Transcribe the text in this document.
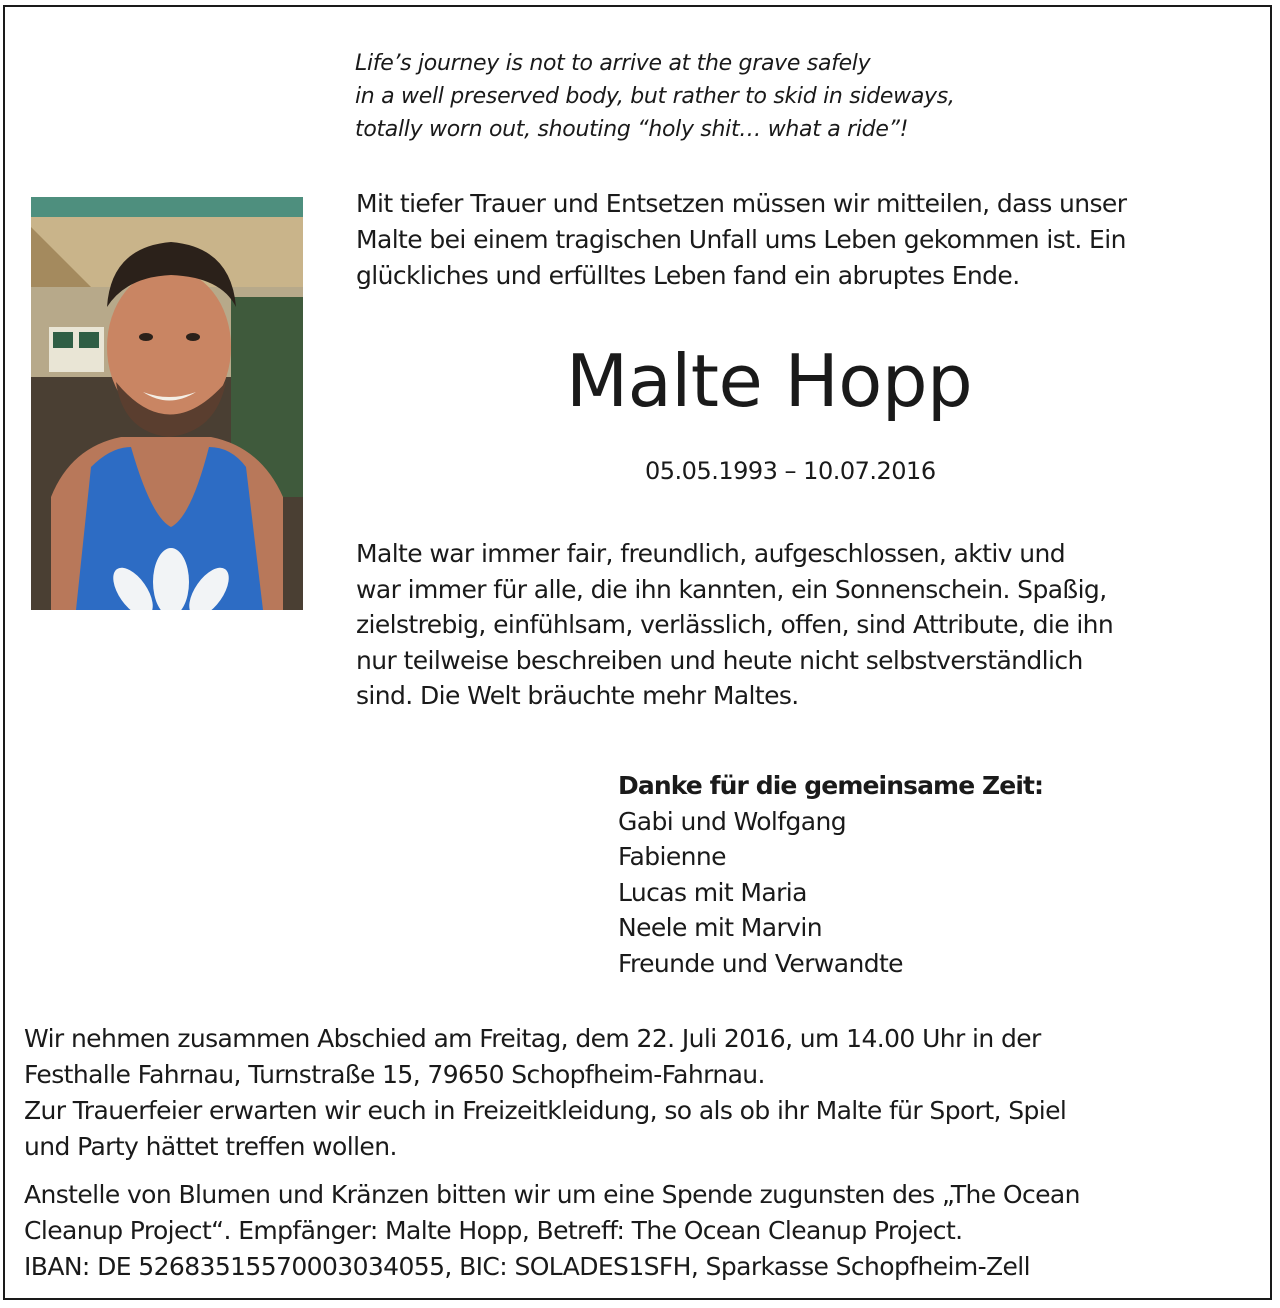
Life’s journey is not to arrive at the grave safely
in a well preserved body, but rather to skid in sideways,
totally worn out, shouting “holy shit… what a ride”!
Mit tiefer Trauer und Entsetzen müssen wir mitteilen, dass unser
Malte bei einem tragischen Unfall ums Leben gekommen ist. Ein
glückliches und erfülltes Leben fand ein abruptes Ende.
Malte Hopp
05.05.1993 – 10.07.2016
Malte war immer fair, freundlich, aufgeschlossen, aktiv und
war immer für alle, die ihn kannten, ein Sonnenschein. Spaßig,
zielstrebig, einfühlsam, verlässlich, offen, sind Attribute, die ihn
nur teilweise beschreiben und heute nicht selbstverständlich
sind. Die Welt bräuchte mehr Maltes.
Danke für die gemeinsame Zeit:
Gabi und Wolfgang
Fabienne
Lucas mit Maria
Neele mit Marvin
Freunde und Verwandte
Wir nehmen zusammen Abschied am Freitag, dem 22. Juli 2016, um 14.00 Uhr in der
Festhalle Fahrnau, Turnstraße 15, 79650 Schopfheim-Fahrnau.
Zur Trauerfeier erwarten wir euch in Freizeitkleidung, so als ob ihr Malte für Sport, Spiel
und Party hättet treffen wollen.
Anstelle von Blumen und Kränzen bitten wir um eine Spende zugunsten des „The Ocean
Cleanup Project“. Empfänger: Malte Hopp, Betreff: The Ocean Cleanup Project.
IBAN: DE 52683515570003034055, BIC: SOLADES1SFH, Sparkasse Schopfheim-Zell
